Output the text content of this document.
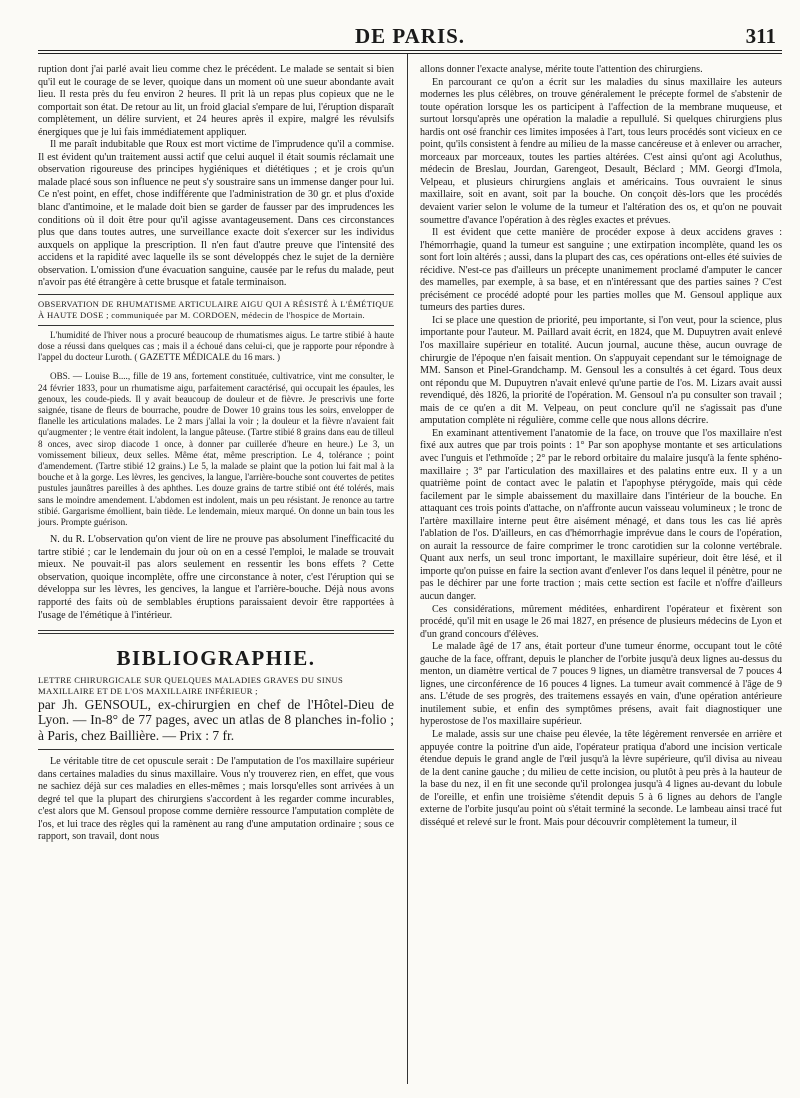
DE PARIS.	311

ruption dont j'ai parlé avait lieu comme chez le précédent. Le malade se sentait si bien qu'il eut le courage de se lever, quoique dans un moment où une sueur abondante avait lieu. Il resta près du feu environ 2 heures. Il prit là un repas plus copieux que ne le comportait son état. De retour au lit, un froid glacial s'empare de lui, l'éruption disparaît complètement, un délire survient, et 24 heures après il expire, malgré les révulsifs énergiques que je lui fais immédiatement appliquer.

Il me paraît indubitable que Roux est mort victime de l'imprudence qu'il a commise. Il est évident qu'un traitement aussi actif que celui auquel il était soumis réclamait une observation rigoureuse des principes hygiéniques et diététiques ; et je crois qu'un malade placé sous son influence ne peut s'y soustraire sans un immense danger pour lui. Ce n'est point, en effet, chose indifférente que l'administration de 30 gr. et plus d'oxide blanc d'antimoine, et le malade doit bien se garder de fausser par des imprudences les conditions où il doit être pour qu'il agisse avantageusement. Dans ces circonstances plus que dans toutes autres, une surveillance exacte doit s'exercer sur les individus auxquels on applique la prescription. Il n'en faut d'autre preuve que l'intensité des accidens et la rapidité avec laquelle ils se sont développés chez le sujet de la dernière observation. L'omission d'une évacuation sanguine, causée par le refus du malade, peut n'avoir pas été étrangère à cette brusque et fatale terminaison.

OBSERVATION DE RHUMATISME ARTICULAIRE AIGU QUI A RÉSISTÉ À L'ÉMÉTIQUE À HAUTE DOSE ; communiquée par M. CORDOEN, médecin de l'hospice de Mortain.

L'humidité de l'hiver nous a procuré beaucoup de rhumatismes aigus. Le tartre stibié à haute dose a réussi dans quelques cas ; mais il a échoué dans celui-ci, que je rapporte pour répondre à l'appel du docteur Luroth. ( GAZETTE MÉDICALE du 16 mars. )

OBS. — Louise B...., fille de 19 ans, fortement constituée, cultivatrice, vint me consulter, le 24 février 1833, pour un rhumatisme aigu, parfaitement caractérisé, qui occupait les épaules, les genoux, les coude-pieds. Il y avait beaucoup de douleur et de fièvre. Je prescrivis une forte saignée, tisane de fleurs de bourrache, poudre de Dower 10 grains tous les soirs, envelopper de flanelle les articulations malades. Le 2 mars j'allai la voir ; la douleur et la fièvre n'avaient fait qu'augmenter ; le ventre était indolent, la langue pâteuse. (Tartre stibié 8 grains dans eau de tilleul 8 onces, avec sirop diacode 1 once, à donner par cuillerée d'heure en heure.) Le 3, un vomissement bilieux, deux selles. Même état, même prescription. Le 4, tolérance ; point d'amendement. (Tartre stibié 12 grains.) Le 5, la malade se plaint que la potion lui fait mal à la bouche et à la gorge. Les lèvres, les gencives, la langue, l'arrière-bouche sont couvertes de petites pustules jaunâtres pareilles à des aphthes. Les douze grains de tartre stibié ont été tolérés, mais sans le moindre amendement. L'abdomen est indolent, mais un peu résistant. Je renonce au tartre stibié. Gargarisme émollient, bain tiède. Le lendemain, mieux marqué. On donne un bain tous les jours. Prompte guérison.

N. du R. L'observation qu'on vient de lire ne prouve pas absolument l'inefficacité du tartre stibié ; car le lendemain du jour où on en a cessé l'emploi, le malade se trouvait mieux. Ne pouvait-il pas alors seulement en ressentir les bons effets ? Cette observation, quoique incomplète, offre une circonstance à noter, c'est l'éruption qui se développa sur les lèvres, les gencives, la langue et l'arrière-bouche. Déjà nous avons rapporté des faits où de semblables éruptions paraissaient devoir être rapportées à l'usage de l'émétique à l'intérieur.

BIBLIOGRAPHIE.

LETTRE CHIRURGICALE SUR QUELQUES MALADIES GRAVES DU SINUS MAXILLAIRE ET DE L'OS MAXILLAIRE INFÉRIEUR ;

par Jh. GENSOUL, ex-chirurgien en chef de l'Hôtel-Dieu de Lyon. — In-8° de 77 pages, avec un atlas de 8 planches in-folio ; à Paris, chez Baillière. — Prix : 7 fr.

Le véritable titre de cet opuscule serait : De l'amputation de l'os maxillaire supérieur dans certaines maladies du sinus maxillaire. Vous n'y trouverez rien, en effet, que vous ne sachiez déjà sur ces maladies en elles-mêmes ; mais lorsqu'elles sont arrivées à un degré tel que la plupart des chirurgiens s'accordent à les regarder comme incurables, c'est alors que M. Gensoul propose comme dernière ressource l'amputation complète de l'os, et lui trace des règles qui la ramènent au rang d'une amputation ordinaire ; sous ce rapport, son travail, dont nous

allons donner l'exacte analyse, mérite toute l'attention des chirurgiens.

En parcourant ce qu'on a écrit sur les maladies du sinus maxillaire les auteurs modernes les plus célèbres, on trouve généralement le précepte formel de s'abstenir de toute opération lorsque les os participent à l'affection de la membrane muqueuse, et surtout lorsqu'après une opération la maladie a repullulé. Si quelques chirurgiens plus hardis ont osé franchir ces limites imposées à l'art, tous leurs procédés sont vicieux en ce point, qu'ils consistent à fendre au milieu de la masse cancéreuse et à enlever ou arracher, morceaux par morceaux, toutes les parties altérées. C'est ainsi qu'ont agi Acoluthus, médecin de Breslau, Jourdan, Garengeot, Desault, Béclard ; MM. Georgi d'Imola, Velpeau, et plusieurs chirurgiens anglais et américains. Tous ouvraient le sinus maxillaire, soit en avant, soit par la bouche. On conçoit dès-lors que les procédés devaient varier selon le volume de la tumeur et l'altération des os, et qu'on ne pouvait soumettre d'avance l'opération à des règles exactes et prévues.

Il est évident que cette manière de procéder expose à deux accidens graves : l'hémorrhagie, quand la tumeur est sanguine ; une extirpation incomplète, quand les os sont fort loin altérés ; aussi, dans la plupart des cas, ces opérations ont-elles été suivies de récidive. N'est-ce pas d'ailleurs un précepte unanimement proclamé d'amputer le cancer des mamelles, par exemple, à sa base, et en n'intéressant que des parties saines ? C'est précisément ce procédé adopté pour les parties molles que M. Gensoul applique aux tumeurs des parties dures.

Ici se place une question de priorité, peu importante, si l'on veut, pour la science, plus importante pour l'auteur. M. Paillard avait écrit, en 1824, que M. Dupuytren avait enlevé l'os maxillaire supérieur en totalité. Aucun journal, aucune thèse, aucun ouvrage de chirurgie de l'époque n'en faisait mention. On s'appuyait cependant sur le témoignage de MM. Sanson et Pinel-Grandchamp. M. Gensoul les a consultés à cet égard. Tous deux ont répondu que M. Dupuytren n'avait enlevé qu'une partie de l'os. M. Lizars avait aussi revendiqué, dès 1826, la priorité de l'opération. M. Gensoul n'a pu consulter son travail ; mais de ce qu'en a dit M. Velpeau, on peut conclure qu'il ne s'agissait pas d'une amputation complète ni régulière, comme celle que nous allons décrire.

En examinant attentivement l'anatomie de la face, on trouve que l'os maxillaire n'est fixé aux autres que par trois points : 1° Par son apophyse montante et ses articulations avec l'unguis et l'ethmoïde ; 2° par le rebord orbitaire du malaire jusqu'à la fente sphéno-maxillaire ; 3° par l'articulation des maxillaires et des palatins entre eux. Il y a un quatrième point de contact avec le palatin et l'apophyse ptérygoïde, mais qui cède facilement par le simple abaissement du maxillaire dans l'intérieur de la bouche. En attaquant ces trois points d'attache, on n'affronte aucun vaisseau volumineux ; le tronc de l'artère maxillaire interne peut être aisément ménagé, et dans tous les cas lié après l'ablation de l'os. D'ailleurs, en cas d'hémorrhagie imprévue dans le cours de l'opération, on aurait la ressource de faire comprimer le tronc carotidien sur la colonne vertébrale. Quant aux nerfs, un seul tronc important, le maxillaire supérieur, doit être lésé, et il importe qu'on puisse en faire la section avant d'enlever l'os dans lequel il pénètre, pour ne pas le déchirer par une forte traction ; mais cette section est facile et n'offre d'ailleurs aucun danger.

Ces considérations, mûrement méditées, enhardirent l'opérateur et fixèrent son procédé, qu'il mit en usage le 26 mai 1827, en présence de plusieurs médecins de Lyon et d'un grand concours d'élèves.

Le malade âgé de 17 ans, était porteur d'une tumeur énorme, occupant tout le côté gauche de la face, offrant, depuis le plancher de l'orbite jusqu'à deux lignes au-dessus du menton, un diamètre vertical de 7 pouces 9 lignes, un diamètre transversal de 7 pouces 4 lignes, une circonférence de 16 pouces 4 lignes. La tumeur avait commencé à l'âge de 9 ans. L'étude de ses progrès, des traitemens essayés en vain, d'une opération antérieure inutilement subie, et enfin des symptômes présens, avait fait diagnostiquer une hyperostose de l'os maxillaire supérieur.

Le malade, assis sur une chaise peu élevée, la tête légèrement renversée en arrière et appuyée contre la poitrine d'un aide, l'opérateur pratiqua d'abord une incision verticale étendue depuis le grand angle de l'œil jusqu'à la lèvre supérieure, qu'il divisa au niveau de la dent canine gauche ; du milieu de cette incision, ou plutôt à peu près à la hauteur de la base du nez, il en fit une seconde qu'il prolongea jusqu'à 4 lignes au-devant du lobule de l'oreille, et enfin une troisième s'étendit depuis 5 à 6 lignes au dehors de l'angle externe de l'orbite jusqu'au point où s'était terminé la seconde. Le lambeau ainsi tracé fut disséqué et relevé sur le front. Mais pour découvrir complètement la tumeur, il
